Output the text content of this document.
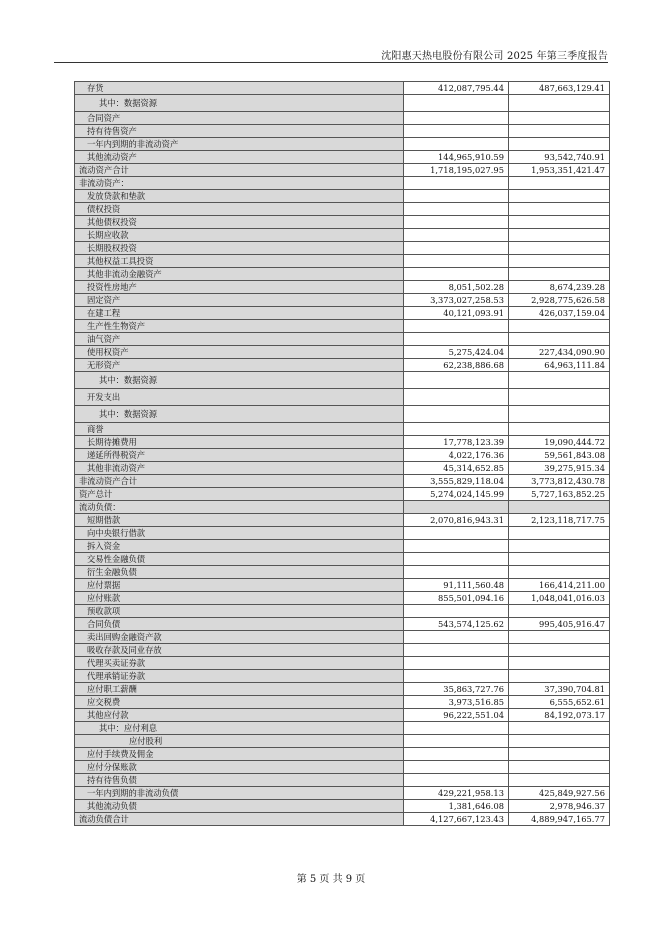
沈阳惠天热电股份有限公司 2025 年第三季度报告
存货	412,087,795.44	487,663,129.41
其中：数据资源		
合同资产		
持有待售资产		
一年内到期的非流动资产		
其他流动资产	144,965,910.59	93,542,740.91
流动资产合计	1,718,195,027.95	1,953,351,421.47
非流动资产：		
发放贷款和垫款		
债权投资		
其他债权投资		
长期应收款		
长期股权投资		
其他权益工具投资		
其他非流动金融资产		
投资性房地产	8,051,502.28	8,674,239.28
固定资产	3,373,027,258.53	2,928,775,626.58
在建工程	40,121,093.91	426,037,159.04
生产性生物资产		
油气资产		
使用权资产	5,275,424.04	227,434,090.90
无形资产	62,238,886.68	64,963,111.84
其中：数据资源		
开发支出		
其中：数据资源		
商誉		
长期待摊费用	17,778,123.39	19,090,444.72
递延所得税资产	4,022,176.36	59,561,843.08
其他非流动资产	45,314,652.85	39,275,915.34
非流动资产合计	3,555,829,118.04	3,773,812,430.78
资产总计	5,274,024,145.99	5,727,163,852.25
流动负债：		
短期借款	2,070,816,943.31	2,123,118,717.75
向中央银行借款		
拆入资金		
交易性金融负债		
衍生金融负债		
应付票据	91,111,560.48	166,414,211.00
应付账款	855,501,094.16	1,048,041,016.03
预收款项		
合同负债	543,574,125.62	995,405,916.47
卖出回购金融资产款		
吸收存款及同业存放		
代理买卖证券款		
代理承销证券款		
应付职工薪酬	35,863,727.76	37,390,704.81
应交税费	3,973,516.85	6,555,652.61
其他应付款	96,222,551.04	84,192,073.17
其中：应付利息		
应付股利		
应付手续费及佣金		
应付分保账款		
持有待售负债		
一年内到期的非流动负债	429,221,958.13	425,849,927.56
其他流动负债	1,381,646.08	2,978,946.37
流动负债合计	4,127,667,123.43	4,889,947,165.77
第 5 页 共 9 页
